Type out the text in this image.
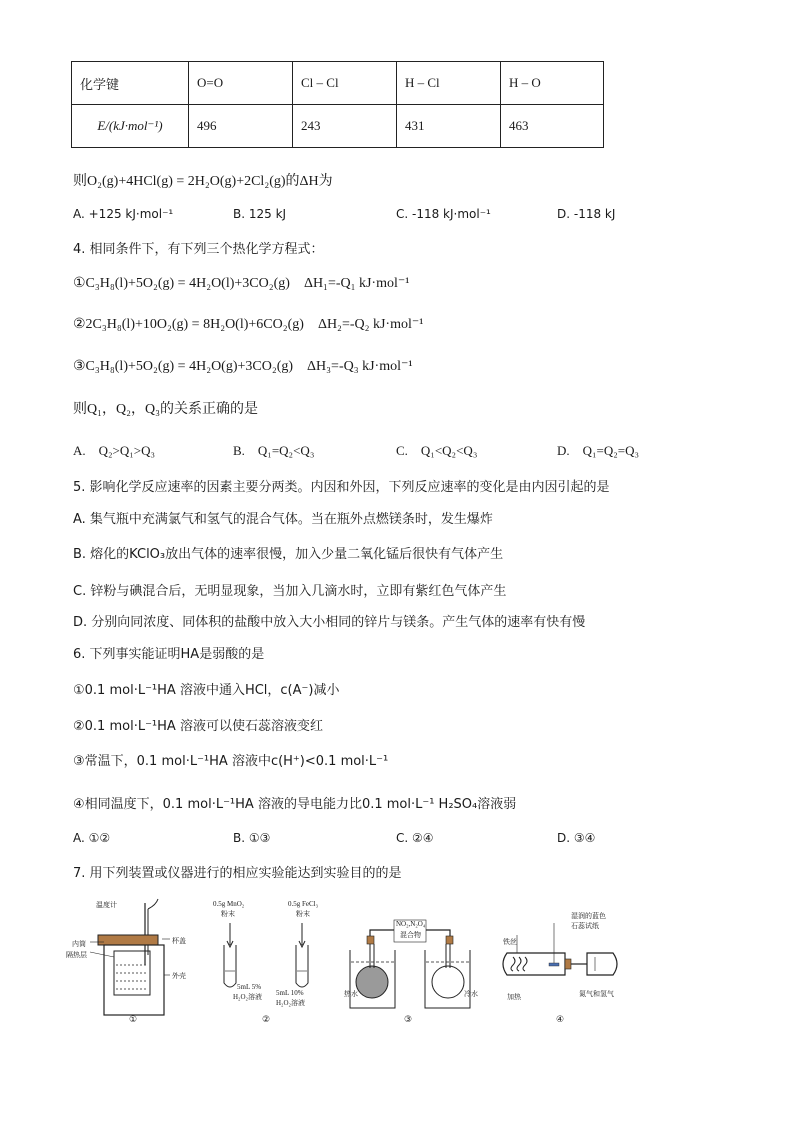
化学键	O=O	Cl – Cl	H – Cl	H – O
E/(kJ·mol⁻¹)	496	243	431	463
则O₂(g)+4HCl(g) = 2H₂O(g)+2Cl₂(g)的ΔH为
A. +125 kJ·mol⁻¹	B. 125 kJ	C. -118 kJ·mol⁻¹	D. -118 kJ
4. 相同条件下，有下列三个热化学方程式：
①C₃H₈(l)+5O₂(g) = 4H₂O(l)+3CO₂(g)　ΔH₁=-Q₁ kJ·mol⁻¹
②2C₃H₈(l)+10O₂(g) = 8H₂O(l)+6CO₂(g)　ΔH₂=-Q₂ kJ·mol⁻¹
③C₃H₈(l)+5O₂(g) = 4H₂O(g)+3CO₂(g)　ΔH₃=-Q₃ kJ·mol⁻¹
则Q₁，Q₂，Q₃的关系正确的是
A.　Q₂>Q₁>Q₃	B.　Q₁=Q₂<Q₃	C.　Q₁<Q₂<Q₃	D.　Q₁=Q₂=Q₃
5. 影响化学反应速率的因素主要分两类。内因和外因，下列反应速率的变化是由内因引起的是
A. 集气瓶中充满氯气和氢气的混合气体。当在瓶外点燃镁条时，发生爆炸
B. 熔化的KClO₃放出气体的速率很慢，加入少量二氧化锰后很快有气体产生
C. 锌粉与碘混合后，无明显现象，当加入几滴水时，立即有紫红色气体产生
D. 分别向同浓度、同体积的盐酸中放入大小相同的锌片与镁条。产生气体的速率有快有慢
6. 下列事实能证明HA是弱酸的是
①0.1 mol·L⁻¹HA 溶液中通入HCl，c(A⁻)减小
②0.1 mol·L⁻¹HA 溶液可以使石蕊溶液变红
③常温下，0.1 mol·L⁻¹HA 溶液中c(H⁺)<0.1 mol·L⁻¹
④相同温度下，0.1 mol·L⁻¹HA 溶液的导电能力比0.1 mol·L⁻¹ H₂SO₄溶液弱
A. ①②	B. ①③	C. ②④	D. ③④
7. 用下列装置或仪器进行的相应实验能达到实验目的的是
温度计
杯盖
内筒
隔热层
外壳
①
0.5g MnO₂
粉末
0.5g FeCl₃
粉末
5mL 5%
H₂O₂溶液 5mL 10%
H₂O₂溶液
②
NO₂,N₂O₄
混合物
热水	冷水
③
湿润的蓝色
石蕊试纸
铁丝
加热	氮气和氢气
④
